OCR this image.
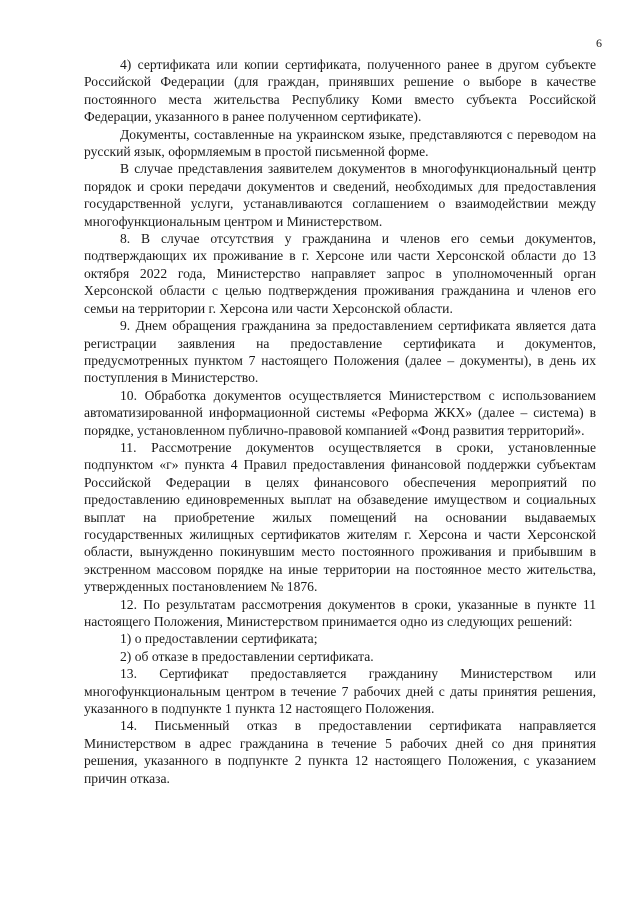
6

4) сертификата или копии сертификата, полученного ранее в другом субъекте Российской Федерации (для граждан, принявших решение о выборе в качестве постоянного места жительства Республику Коми вместо субъекта Российской Федерации, указанного в ранее полученном сертификате).

Документы, составленные на украинском языке, представляются с переводом на русский язык, оформляемым в простой письменной форме.

В случае представления заявителем документов в многофункциональный центр порядок и сроки передачи документов и сведений, необходимых для предоставления государственной услуги, устанавливаются соглашением о взаимодействии между многофункциональным центром и Министерством.

8. В случае отсутствия у гражданина и членов его семьи документов, подтверждающих их проживание в г. Херсоне или части Херсонской области до 13 октября 2022 года, Министерство направляет запрос в уполномоченный орган Херсонской области с целью подтверждения проживания гражданина и членов его семьи на территории г. Херсона или части Херсонской области.

9. Днем обращения гражданина за предоставлением сертификата является дата регистрации заявления на предоставление сертификата и документов, предусмотренных пунктом 7 настоящего Положения (далее – документы), в день их поступления в Министерство.

10. Обработка документов осуществляется Министерством с использованием автоматизированной информационной системы «Реформа ЖКХ» (далее – система) в порядке, установленном публично-правовой компанией «Фонд развития территорий».

11. Рассмотрение документов осуществляется в сроки, установленные подпунктом «г» пункта 4 Правил предоставления финансовой поддержки субъектам Российской Федерации в целях финансового обеспечения мероприятий по предоставлению единовременных выплат на обзаведение имуществом и социальных выплат на приобретение жилых помещений на основании выдаваемых государственных жилищных сертификатов жителям г. Херсона и части Херсонской области, вынужденно покинувшим место постоянного проживания и прибывшим в экстренном массовом порядке на иные территории на постоянное место жительства, утвержденных постановлением № 1876.

12. По результатам рассмотрения документов в сроки, указанные в пункте 11 настоящего Положения, Министерством принимается одно из следующих решений:

1) о предоставлении сертификата;

2) об отказе в предоставлении сертификата.

13. Сертификат предоставляется гражданину Министерством или многофункциональным центром в течение 7 рабочих дней с даты принятия решения, указанного в подпункте 1 пункта 12 настоящего Положения.

14. Письменный отказ в предоставлении сертификата направляется Министерством в адрес гражданина в течение 5 рабочих дней со дня принятия решения, указанного в подпункте 2 пункта 12 настоящего Положения, с указанием причин отказа.
